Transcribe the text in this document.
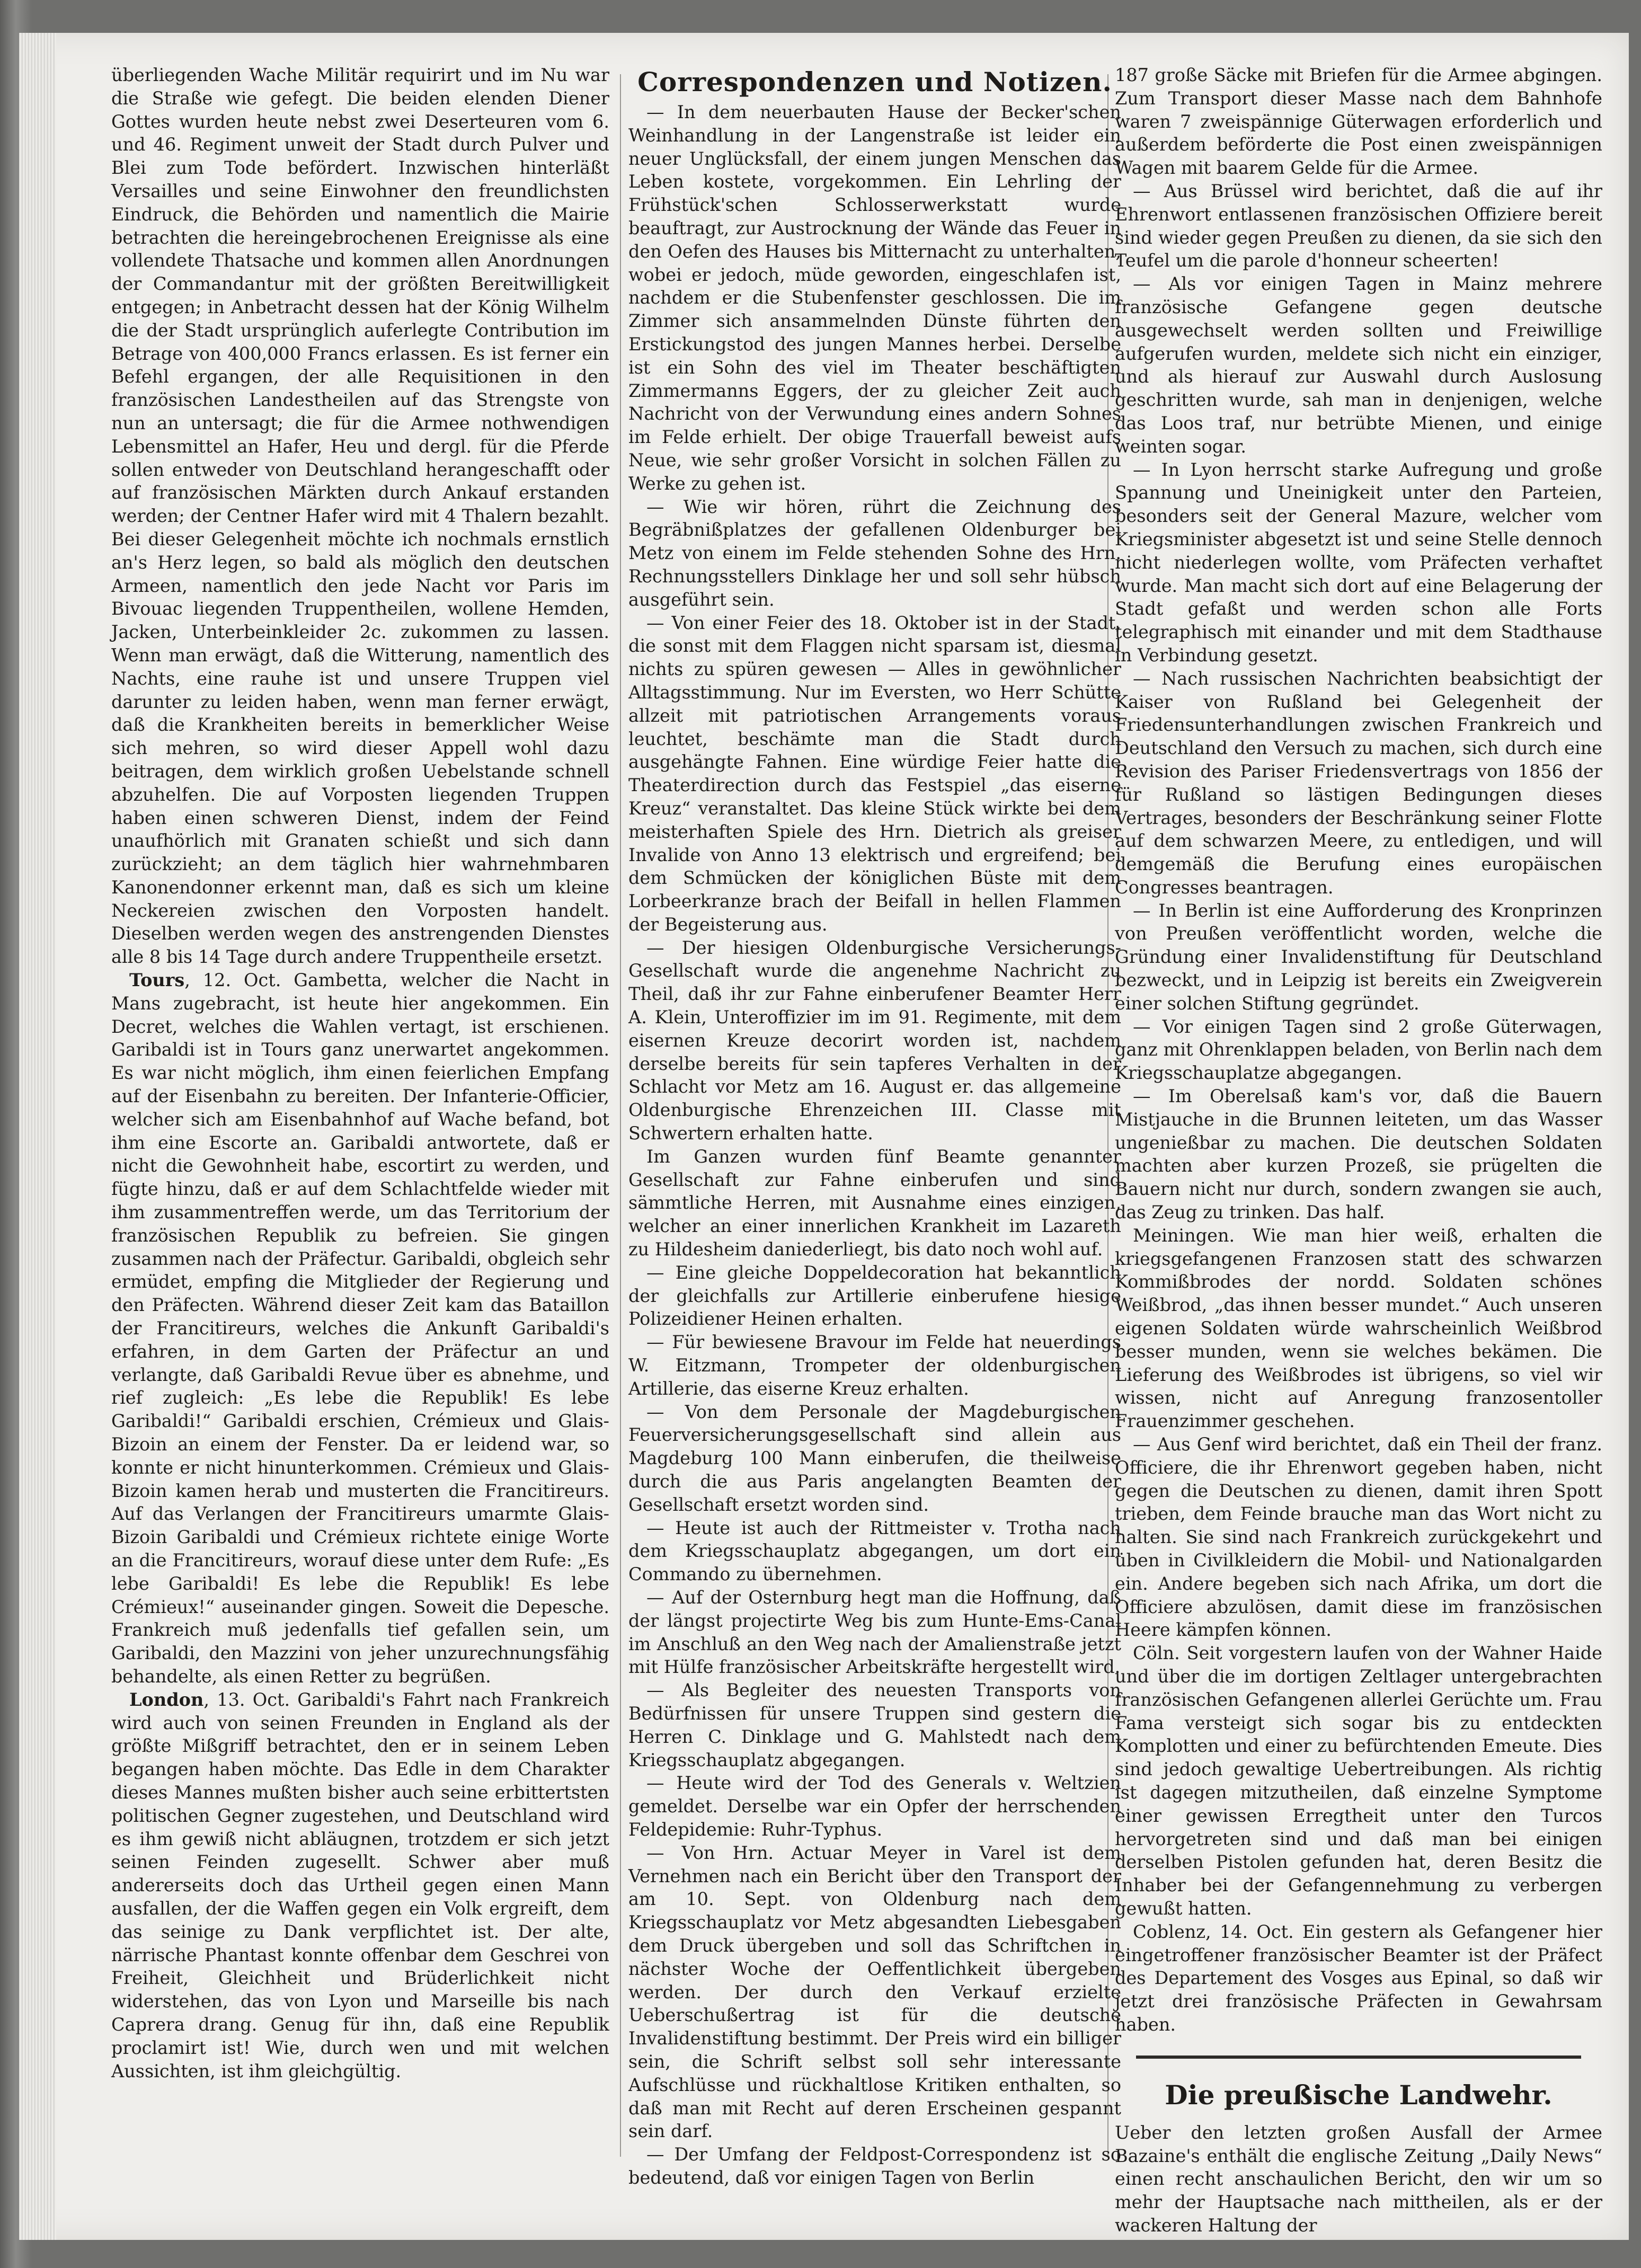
überliegenden Wache Militär requirirt und im Nu war die Straße wie gefegt. Die beiden elenden Diener Gottes wurden heute nebst zwei Deserteuren vom 6. und 46. Regiment unweit der Stadt durch Pulver und Blei zum Tode befördert. Inzwischen hinterläßt Versailles und seine Einwohner den freundlichsten Eindruck, die Behörden und namentlich die Mairie betrachten die hereingebrochenen Ereignisse als eine vollendete Thatsache und kommen allen Anordnungen der Commandantur mit der größten Bereitwilligkeit entgegen; in Anbetracht dessen hat der König Wilhelm die der Stadt ursprünglich auferlegte Contribution im Betrage von 400,000 Francs erlassen. Es ist ferner ein Befehl ergangen, der alle Requisitionen in den französischen Landestheilen auf das Strengste von nun an untersagt; die für die Armee nothwendigen Lebensmittel an Hafer, Heu und dergl. für die Pferde sollen entweder von Deutschland herangeschafft oder auf französischen Märkten durch Ankauf erstanden werden; der Centner Hafer wird mit 4 Thalern bezahlt. Bei dieser Gelegenheit möchte ich nochmals ernstlich an's Herz legen, so bald als möglich den deutschen Armeen, namentlich den jede Nacht vor Paris im Bivouac liegenden Truppentheilen, wollene Hemden, Jacken, Unterbeinkleider 2c. zukommen zu lassen. Wenn man erwägt, daß die Witterung, namentlich des Nachts, eine rauhe ist und unsere Truppen viel darunter zu leiden haben, wenn man ferner erwägt, daß die Krankheiten bereits in bemerklicher Weise sich mehren, so wird dieser Appell wohl dazu beitragen, dem wirklich großen Uebelstande schnell abzuhelfen. Die auf Vorposten liegenden Truppen haben einen schweren Dienst, indem der Feind unaufhörlich mit Granaten schießt und sich dann zurückzieht; an dem täglich hier wahrnehmbaren Kanonendonner erkennt man, daß es sich um kleine Neckereien zwischen den Vorposten handelt. Dieselben werden wegen des anstrengenden Dienstes alle 8 bis 14 Tage durch andere Truppentheile ersetzt.

Tours, 12. Oct. Gambetta, welcher die Nacht in Mans zugebracht, ist heute hier angekommen. Ein Decret, welches die Wahlen vertagt, ist erschienen. Garibaldi ist in Tours ganz unerwartet angekommen. Es war nicht möglich, ihm einen feierlichen Empfang auf der Eisenbahn zu bereiten. Der Infanterie-Officier, welcher sich am Eisenbahnhof auf Wache befand, bot ihm eine Escorte an. Garibaldi antwortete, daß er nicht die Gewohnheit habe, escortirt zu werden, und fügte hinzu, daß er auf dem Schlachtfelde wieder mit ihm zusammentreffen werde, um das Territorium der französischen Republik zu befreien. Sie gingen zusammen nach der Präfectur. Garibaldi, obgleich sehr ermüdet, empfing die Mitglieder der Regierung und den Präfecten. Während dieser Zeit kam das Bataillon der Francitireurs, welches die Ankunft Garibaldi's erfahren, in dem Garten der Präfectur an und verlangte, daß Garibaldi Revue über es abnehme, und rief zugleich: „Es lebe die Republik! Es lebe Garibaldi!“ Garibaldi erschien, Crémieux und Glais-Bizoin an einem der Fenster. Da er leidend war, so konnte er nicht hinunterkommen. Crémieux und Glais-Bizoin kamen herab und musterten die Francitireurs. Auf das Verlangen der Francitireurs umarmte Glais-Bizoin Garibaldi und Crémieux richtete einige Worte an die Francitireurs, worauf diese unter dem Rufe: „Es lebe Garibaldi! Es lebe die Republik! Es lebe Crémieux!“ auseinander gingen. Soweit die Depesche. Frankreich muß jedenfalls tief gefallen sein, um Garibaldi, den Mazzini von jeher unzurechnungsfähig behandelte, als einen Retter zu begrüßen.

London, 13. Oct. Garibaldi's Fahrt nach Frankreich wird auch von seinen Freunden in England als der größte Mißgriff betrachtet, den er in seinem Leben begangen haben möchte. Das Edle in dem Charakter dieses Mannes mußten bisher auch seine erbittertsten politischen Gegner zugestehen, und Deutschland wird es ihm gewiß nicht abläugnen, trotzdem er sich jetzt seinen Feinden zugesellt. Schwer aber muß andererseits doch das Urtheil gegen einen Mann ausfallen, der die Waffen gegen ein Volk ergreift, dem das seinige zu Dank verpflichtet ist. Der alte, närrische Phantast konnte offenbar dem Geschrei von Freiheit, Gleichheit und Brüderlichkeit nicht widerstehen, das von Lyon und Marseille bis nach Caprera drang. Genug für ihn, daß eine Republik proclamirt ist! Wie, durch wen und mit welchen Aussichten, ist ihm gleichgültig.

Correspondenzen und Notizen.

— In dem neuerbauten Hause der Becker'schen Weinhandlung in der Langenstraße ist leider ein neuer Unglücksfall, der einem jungen Menschen das Leben kostete, vorgekommen. Ein Lehrling der Frühstück'schen Schlosserwerkstatt wurde beauftragt, zur Austrocknung der Wände das Feuer in den Oefen des Hauses bis Mitternacht zu unterhalten, wobei er jedoch, müde geworden, eingeschlafen ist, nachdem er die Stubenfenster geschlossen. Die im Zimmer sich ansammelnden Dünste führten den Erstickungstod des jungen Mannes herbei. Derselbe ist ein Sohn des viel im Theater beschäftigten Zimmermanns Eggers, der zu gleicher Zeit auch Nachricht von der Verwundung eines andern Sohnes im Felde erhielt. Der obige Trauerfall beweist aufs Neue, wie sehr großer Vorsicht in solchen Fällen zu Werke zu gehen ist.

— Wie wir hören, rührt die Zeichnung des Begräbnißplatzes der gefallenen Oldenburger bei Metz von einem im Felde stehenden Sohne des Hrn. Rechnungsstellers Dinklage her und soll sehr hübsch ausgeführt sein.

— Von einer Feier des 18. Oktober ist in der Stadt, die sonst mit dem Flaggen nicht sparsam ist, diesmal nichts zu spüren gewesen — Alles in gewöhnlicher Alltagsstimmung. Nur im Eversten, wo Herr Schütte allzeit mit patriotischen Arrangements voraus leuchtet, beschämte man die Stadt durch ausgehängte Fahnen. Eine würdige Feier hatte die Theaterdirection durch das Festspiel „das eiserne Kreuz“ veranstaltet. Das kleine Stück wirkte bei dem meisterhaften Spiele des Hrn. Dietrich als greiser Invalide von Anno 13 elektrisch und ergreifend; bei dem Schmücken der königlichen Büste mit dem Lorbeerkranze brach der Beifall in hellen Flammen der Begeisterung aus.

— Der hiesigen Oldenburgische Versicherungs-Gesellschaft wurde die angenehme Nachricht zu Theil, daß ihr zur Fahne einberufener Beamter Herr A. Klein, Unteroffizier im im 91. Regimente, mit dem eisernen Kreuze decorirt worden ist, nachdem derselbe bereits für sein tapferes Verhalten in der Schlacht vor Metz am 16. August er. das allgemeine Oldenburgische Ehrenzeichen III. Classe mit Schwertern erhalten hatte.

Im Ganzen wurden fünf Beamte genannter Gesellschaft zur Fahne einberufen und sind sämmtliche Herren, mit Ausnahme eines einzigen, welcher an einer innerlichen Krankheit im Lazareth zu Hildesheim daniederliegt, bis dato noch wohl auf.

— Eine gleiche Doppeldecoration hat bekanntlich der gleichfalls zur Artillerie einberufene hiesige Polizeidiener Heinen erhalten.

— Für bewiesene Bravour im Felde hat neuerdings W. Eitzmann, Trompeter der oldenburgischen Artillerie, das eiserne Kreuz erhalten.

— Von dem Personale der Magdeburgischen Feuerversicherungsgesellschaft sind allein aus Magdeburg 100 Mann einberufen, die theilweise durch die aus Paris angelangten Beamten der Gesellschaft ersetzt worden sind.

— Heute ist auch der Rittmeister v. Trotha nach dem Kriegsschauplatz abgegangen, um dort ein Commando zu übernehmen.

— Auf der Osternburg hegt man die Hoffnung, daß der längst projectirte Weg bis zum Hunte-Ems-Canal im Anschluß an den Weg nach der Amalienstraße jetzt mit Hülfe französischer Arbeitskräfte hergestellt wird.

— Als Begleiter des neuesten Transports von Bedürfnissen für unsere Truppen sind gestern die Herren C. Dinklage und G. Mahlstedt nach dem Kriegsschauplatz abgegangen.

— Heute wird der Tod des Generals v. Weltzien gemeldet. Derselbe war ein Opfer der herrschenden Feldepidemie: Ruhr-Typhus.

— Von Hrn. Actuar Meyer in Varel ist dem Vernehmen nach ein Bericht über den Transport der am 10. Sept. von Oldenburg nach dem Kriegsschauplatz vor Metz abgesandten Liebesgaben dem Druck übergeben und soll das Schriftchen in nächster Woche der Oeffentlichkeit übergeben werden. Der durch den Verkauf erzielte Ueberschußertrag ist für die deutsche Invalidenstiftung bestimmt. Der Preis wird ein billiger sein, die Schrift selbst soll sehr interessante Aufschlüsse und rückhaltlose Kritiken enthalten, so daß man mit Recht auf deren Erscheinen gespannt sein darf.

— Der Umfang der Feldpost-Correspondenz ist so bedeutend, daß vor einigen Tagen von Berlin

187 große Säcke mit Briefen für die Armee abgingen. Zum Transport dieser Masse nach dem Bahnhofe waren 7 zweispännige Güterwagen erforderlich und außerdem beförderte die Post einen zweispännigen Wagen mit baarem Gelde für die Armee.

— Aus Brüssel wird berichtet, daß die auf ihr Ehrenwort entlassenen französischen Offiziere bereit sind wieder gegen Preußen zu dienen, da sie sich den Teufel um die parole d'honneur scheerten!

— Als vor einigen Tagen in Mainz mehrere französische Gefangene gegen deutsche ausgewechselt werden sollten und Freiwillige aufgerufen wurden, meldete sich nicht ein einziger, und als hierauf zur Auswahl durch Auslosung geschritten wurde, sah man in denjenigen, welche das Loos traf, nur betrübte Mienen, und einige weinten sogar.

— In Lyon herrscht starke Aufregung und große Spannung und Uneinigkeit unter den Parteien, besonders seit der General Mazure, welcher vom Kriegsminister abgesetzt ist und seine Stelle dennoch nicht niederlegen wollte, vom Präfecten verhaftet wurde. Man macht sich dort auf eine Belagerung der Stadt gefaßt und werden schon alle Forts telegraphisch mit einander und mit dem Stadthause in Verbindung gesetzt.

— Nach russischen Nachrichten beabsichtigt der Kaiser von Rußland bei Gelegenheit der Friedensunterhandlungen zwischen Frankreich und Deutschland den Versuch zu machen, sich durch eine Revision des Pariser Friedensvertrags von 1856 der für Rußland so lästigen Bedingungen dieses Vertrages, besonders der Beschränkung seiner Flotte auf dem schwarzen Meere, zu entledigen, und will demgemäß die Berufung eines europäischen Congresses beantragen.

— In Berlin ist eine Aufforderung des Kronprinzen von Preußen veröffentlicht worden, welche die Gründung einer Invalidenstiftung für Deutschland bezweckt, und in Leipzig ist bereits ein Zweigverein einer solchen Stiftung gegründet.

— Vor einigen Tagen sind 2 große Güterwagen, ganz mit Ohrenklappen beladen, von Berlin nach dem Kriegsschauplatze abgegangen.

— Im Oberelsaß kam's vor, daß die Bauern Mistjauche in die Brunnen leiteten, um das Wasser ungenießbar zu machen. Die deutschen Soldaten machten aber kurzen Prozeß, sie prügelten die Bauern nicht nur durch, sondern zwangen sie auch, das Zeug zu trinken. Das half.

Meiningen. Wie man hier weiß, erhalten die kriegsgefangenen Franzosen statt des schwarzen Kommißbrodes der nordd. Soldaten schönes Weißbrod, „das ihnen besser mundet.“ Auch unseren eigenen Soldaten würde wahrscheinlich Weißbrod besser munden, wenn sie welches bekämen. Die Lieferung des Weißbrodes ist übrigens, so viel wir wissen, nicht auf Anregung franzosentoller Frauenzimmer geschehen.

— Aus Genf wird berichtet, daß ein Theil der franz. Officiere, die ihr Ehrenwort gegeben haben, nicht gegen die Deutschen zu dienen, damit ihren Spott trieben, dem Feinde brauche man das Wort nicht zu halten. Sie sind nach Frankreich zurückgekehrt und üben in Civilkleidern die Mobil- und Nationalgarden ein. Andere begeben sich nach Afrika, um dort die Officiere abzulösen, damit diese im französischen Heere kämpfen können.

Cöln. Seit vorgestern laufen von der Wahner Haide und über die im dortigen Zeltlager untergebrachten französischen Gefangenen allerlei Gerüchte um. Frau Fama versteigt sich sogar bis zu entdeckten Komplotten und einer zu befürchtenden Emeute. Dies sind jedoch gewaltige Uebertreibungen. Als richtig ist dagegen mitzutheilen, daß einzelne Symptome einer gewissen Erregtheit unter den Turcos hervorgetreten sind und daß man bei einigen derselben Pistolen gefunden hat, deren Besitz die Inhaber bei der Gefangennehmung zu verbergen gewußt hatten.

Coblenz, 14. Oct. Ein gestern als Gefangener hier eingetroffener französischer Beamter ist der Präfect des Departement des Vosges aus Epinal, so daß wir jetzt drei französische Präfecten in Gewahrsam haben.

Die preußische Landwehr.

Ueber den letzten großen Ausfall der Armee Bazaine's enthält die englische Zeitung „Daily News“ einen recht anschaulichen Bericht, den wir um so mehr der Hauptsache nach mittheilen, als er der wackeren Haltung der
